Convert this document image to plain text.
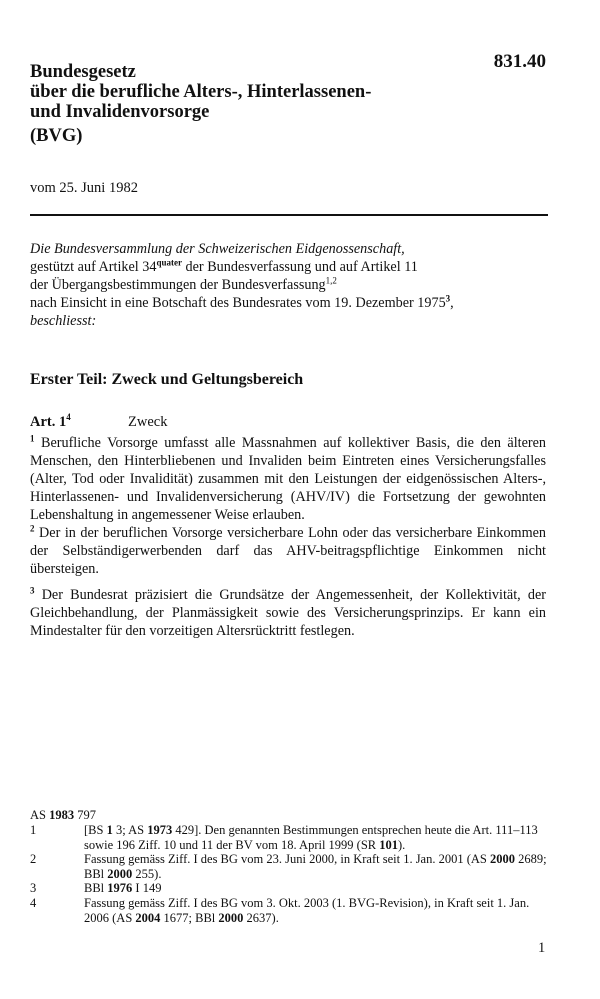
831.40
Bundesgesetz
über die berufliche Alters-, Hinterlassenen-
und Invalidenvorsorge
(BVG)
vom 25. Juni 1982
Die Bundesversammlung der Schweizerischen Eidgenossenschaft,
gestützt auf Artikel $34^{quater}$ der Bundesverfassung und auf Artikel 11
der Übergangsbestimmungen der Bundesverfassung$^{1,2}$
nach Einsicht in eine Botschaft des Bundesrates vom 19. Dezember 1975$^3$,
beschliesst:
Erster Teil: Zweck und Geltungsbereich
Art. $1^4$	Zweck
$^1$ Berufliche Vorsorge umfasst alle Massnahmen auf kollektiver Basis, die den älteren Menschen, den Hinterbliebenen und Invaliden beim Eintreten eines Versicherungsfalles (Alter, Tod oder Invalidität) zusammen mit den Leistungen der eidgenössischen Alters-, Hinterlassenen- und Invalidenversicherung (AHV/IV) die Fortsetzung der gewohnten Lebenshaltung in angemessener Weise erlauben.
$^2$ Der in der beruflichen Vorsorge versicherbare Lohn oder das versicherbare Einkommen der Selbständigerwerbenden darf das AHV-beitragspflichtige Einkommen nicht übersteigen.
$^3$ Der Bundesrat präzisiert die Grundsätze der Angemessenheit, der Kollektivität, der Gleichbehandlung, der Planmässigkeit sowie des Versicherungsprinzips. Er kann ein Mindestalter für den vorzeitigen Altersrücktritt festlegen.
AS 1983 797
1	[BS 1 3; AS 1973 429]. Den genannten Bestimmungen entsprechen heute die Art. 111–113 sowie 196 Ziff. 10 und 11 der BV vom 18. April 1999 (SR 101).
2	Fassung gemäss Ziff. I des BG vom 23. Juni 2000, in Kraft seit 1. Jan. 2001 (AS 2000 2689; BBl 2000 255).
3	BBl 1976 I 149
4	Fassung gemäss Ziff. I des BG vom 3. Okt. 2003 (1. BVG-Revision), in Kraft seit 1. Jan. 2006 (AS 2004 1677; BBl 2000 2637).
1
